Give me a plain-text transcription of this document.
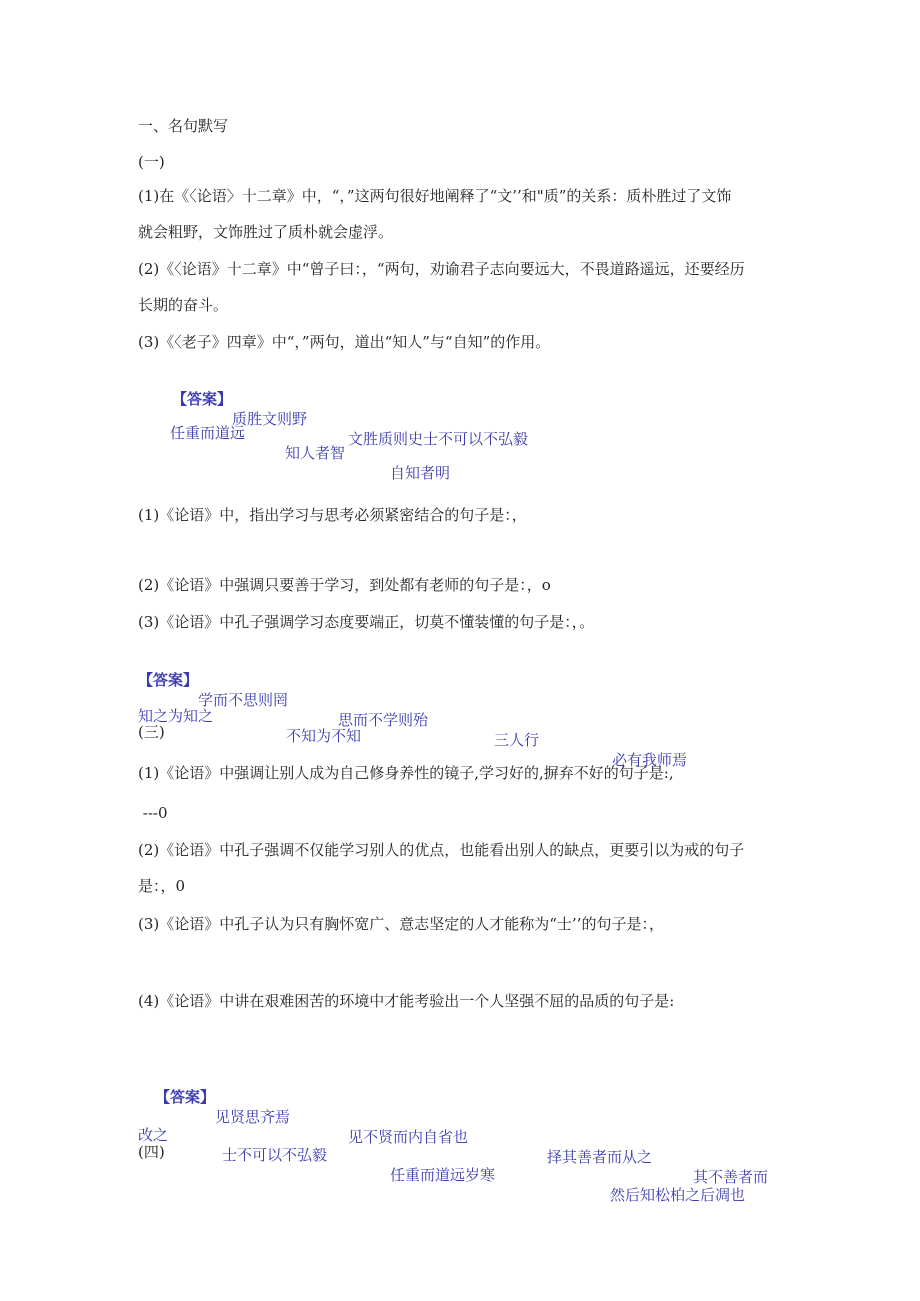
一、名句默写

(一)

(1)在《〈论语〉十二章》中，“，”这两句很好地阐释了“文’’和"质”的关系：质朴胜过了文饰

就会粗野，文饰胜过了质朴就会虚浮。

(2)《〈论语》十二章》中“曾子曰：，“两句，劝谕君子志向要远大，不畏道路遥远，还要经历

长期的奋斗。

(3)《〈老子》四章》中“，”两句，道出“知人”与“自知”的作用。

【答案】

质胜文则野

文胜质则史士不可以不弘毅

任重而道远

知人者智

自知者明

(1)《论语》中，指出学习与思考必须紧密结合的句子是：，

(2)《论语》中强调只要善于学习，到处都有老师的句子是：，o

(3)《论语》中孔子强调学习态度要端正，切莫不懂装懂的句子是：，。

【答案】

学而不思则罔

思而不学则殆

三人行

必有我师焉

知之为知之

不知为不知

(三)

(1)《论语》中强调让别人成为自己修身养性的镜子,学习好的,摒弃不好的句子是:,

---0

(2)《论语》中孔子强调不仅能学习别人的优点，也能看出别人的缺点，更要引以为戒的句子

是：，0

(3)《论语》中孔子认为只有胸怀宽广、意志坚定的人才能称为“士’’的句子是：，

(4)《论语》中讲在艰难困苦的环境中才能考验出一个人坚强不屈的品质的句子是:

【答案】

见贤思齐焉

见不贤而内自省也

择其善者而从之

其不善者而

改之

士不可以不弘毅

任重而道远岁寒

然后知松柏之后凋也

(四)
